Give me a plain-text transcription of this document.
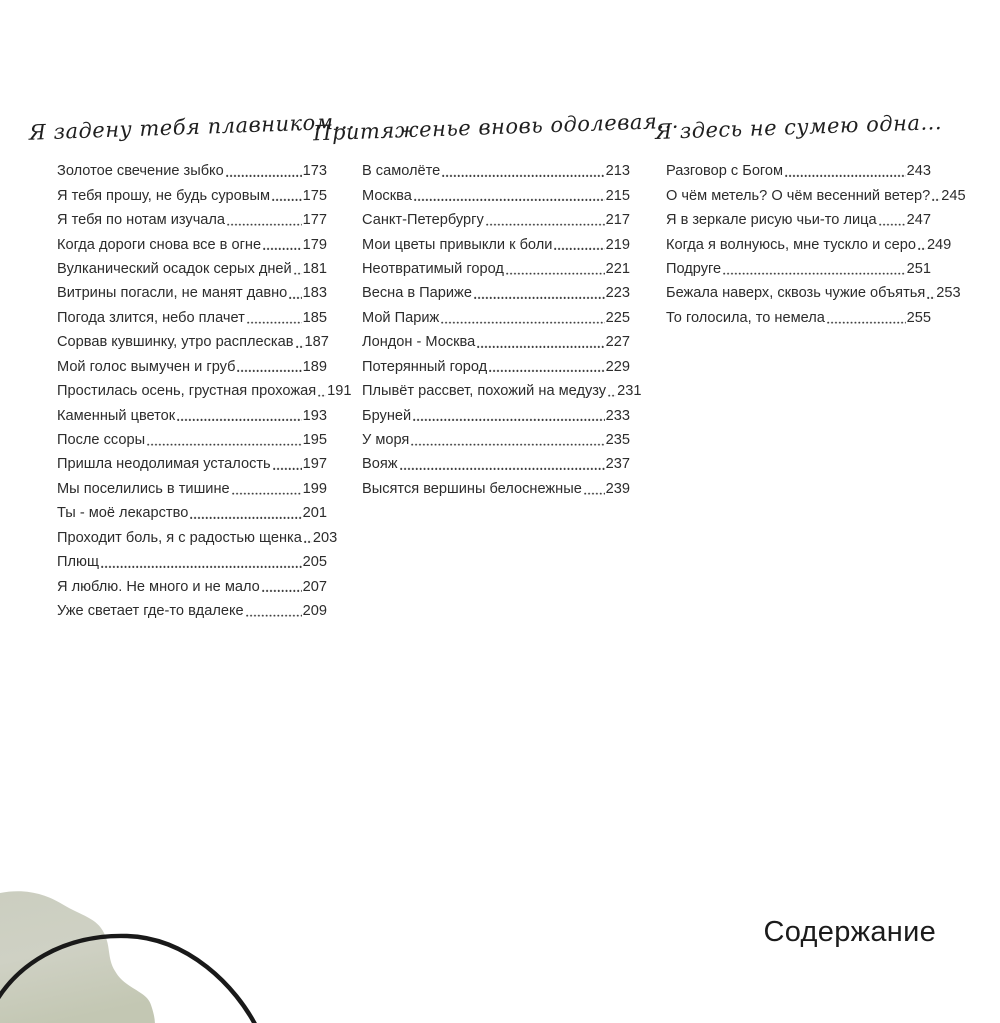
Я задену тебя плавником...
Золотое свечение зыбко	173
Я тебя прошу, не будь суровым 175
Я тебя по нотам изучала	177
Когда дороги снова все в огне	179
Вулканический осадок серых дней 181
Витрины погасли, не манят давно 183
Погода злится, небо плачет	185
Сорвав кувшинку, утро расплескав 187
Мой голос вымучен и груб	189
Простилась осень, грустная прохожая 191
Каменный цветок	193
После ссоры	195
Пришла неодолимая усталость 197
Мы поселились в тишине	199
Ты - моё лекарство	201
Проходит боль, я с радостью щенка 203
Плющ	205
Я люблю. Не много и не мало	207
Уже светает где-то вдалеке	209
Притяженье вновь одолевая...
В самолёте	213
Москва	215
Санкт-Петербургу	217
Мои цветы привыкли к боли	219
Неотвратимый город	221
Весна в Париже	223
Мой Париж	225
Лондон - Москва	227
Потерянный город	229
Плывёт рассвет, похожий на медузу 231
Бруней	233
У моря	235
Вояж	237
Высятся вершины белоснежные 239
Я здесь не сумею одна...
Разговор с Богом	243
О чём метель? О чём весенний ветер? 245
Я в зеркале рисую чьи-то лица 247
Когда я волнуюсь, мне тускло и серо 249
Подруге	251
Бежала наверх, сквозь чужие объятья 253
То голосила, то немела	255
Содержание
